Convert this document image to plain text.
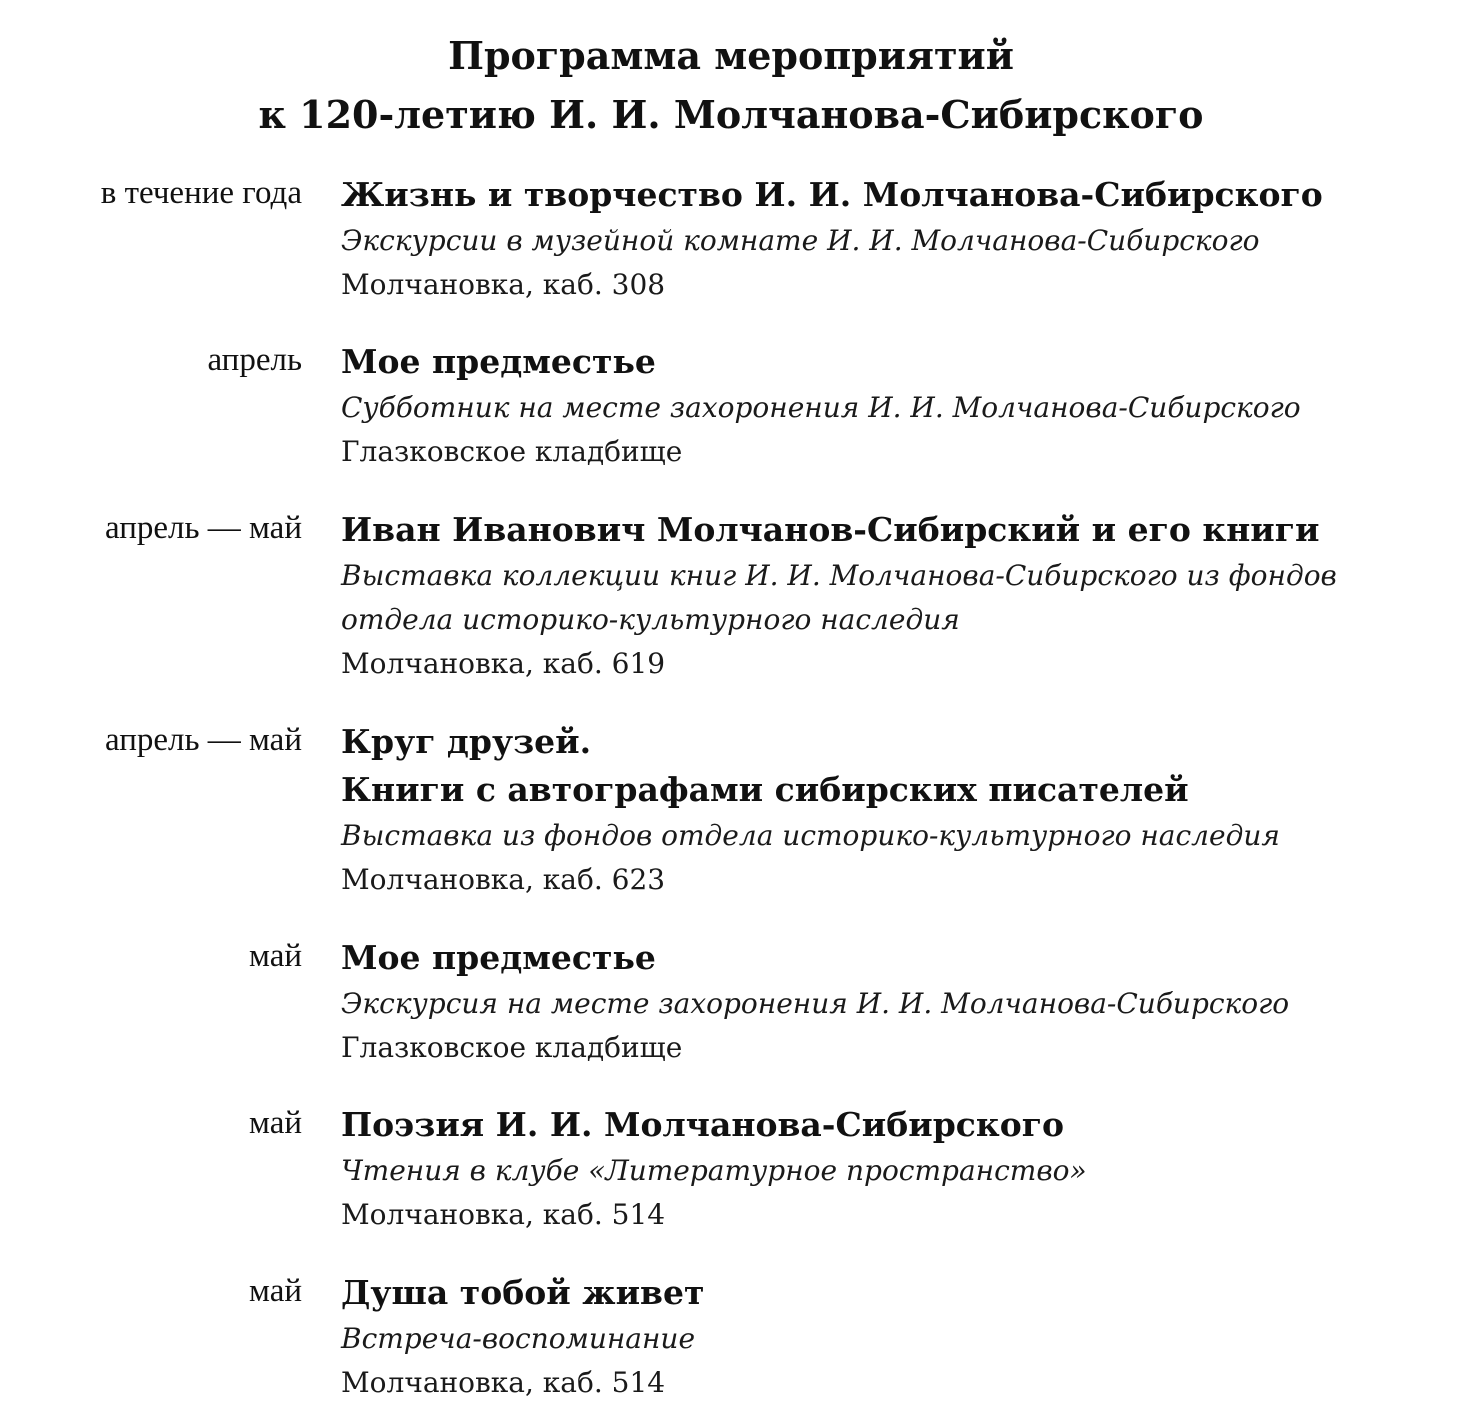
Программа мероприятий
к 120-летию И. И. Молчанова-Сибирского
в течение года Жизнь и творчество И. И. Молчанова-Сибирского
Экскурсии в музейной комнате И. И. Молчанова-Сибирского
Молчановка, каб. 308
апрель Мое предместье
Субботник на месте захоронения И. И. Молчанова-Сибирского
Глазковское кладбище
апрель — май Иван Иванович Молчанов-Сибирский и его книги
Выставка коллекции книг И. И. Молчанова-Сибирского из фондов
отдела историко-культурного наследия
Молчановка, каб. 619
апрель — май Круг друзей.
Книги с автографами сибирских писателей
Выставка из фондов отдела историко-культурного наследия
Молчановка, каб. 623
май Мое предместье
Экскурсия на месте захоронения И. И. Молчанова-Сибирского
Глазковское кладбище
май Поэзия И. И. Молчанова-Сибирского
Чтения в клубе «Литературное пространство»
Молчановка, каб. 514
май Душа тобой живет
Встреча-воспоминание
Молчановка, каб. 514
